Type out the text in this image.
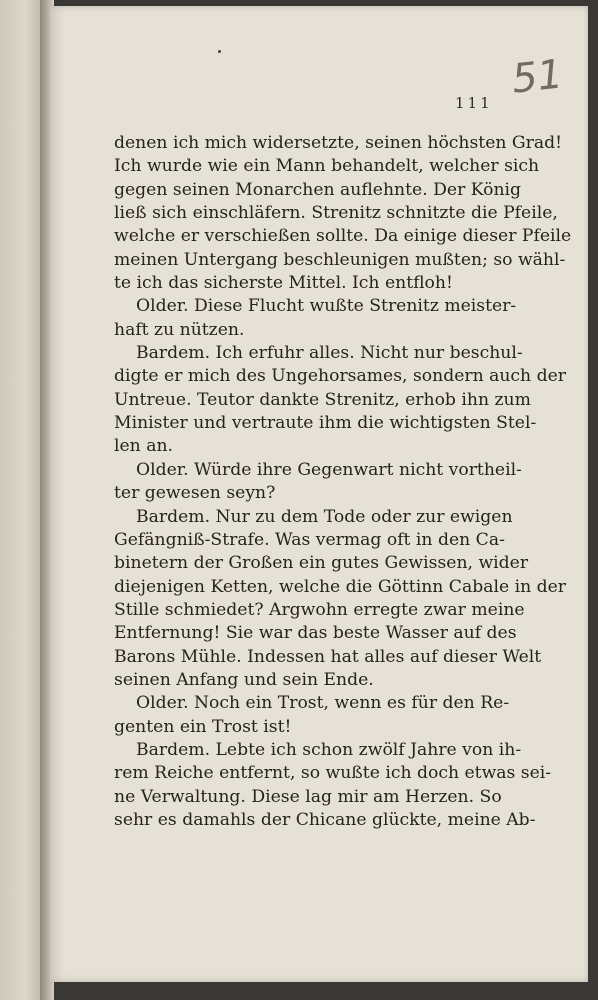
51
111
denen ich mich widersetzte, seinen höchsten Grad!
Ich wurde wie ein Mann behandelt, welcher sich
gegen seinen Monarchen auflehnte. Der König
ließ sich einschläfern. Strenitz schnitzte die Pfeile,
welche er verschießen sollte. Da einige dieser Pfeile
meinen Untergang beschleunigen mußten; so wähl-
te ich das sicherste Mittel. Ich entfloh!
Older. Diese Flucht wußte Strenitz meister-
haft zu nützen.
Bardem. Ich erfuhr alles. Nicht nur beschul-
digte er mich des Ungehorsames, sondern auch der
Untreue. Teutor dankte Strenitz, erhob ihn zum
Minister und vertraute ihm die wichtigsten Stel-
len an.
Older. Würde ihre Gegenwart nicht vortheil-
ter gewesen seyn?
Bardem. Nur zu dem Tode oder zur ewigen
Gefängniß-Strafe. Was vermag oft in den Ca-
binetern der Großen ein gutes Gewissen, wider
diejenigen Ketten, welche die Göttinn Cabale in der
Stille schmiedet? Argwohn erregte zwar meine
Entfernung! Sie war das beste Wasser auf des
Barons Mühle. Indessen hat alles auf dieser Welt
seinen Anfang und sein Ende.
Older. Noch ein Trost, wenn es für den Re-
genten ein Trost ist!
Bardem. Lebte ich schon zwölf Jahre von ih-
rem Reiche entfernt, so wußte ich doch etwas sei-
ne Verwaltung. Diese lag mir am Herzen. So
sehr es damahls der Chicane glückte, meine Ab-
